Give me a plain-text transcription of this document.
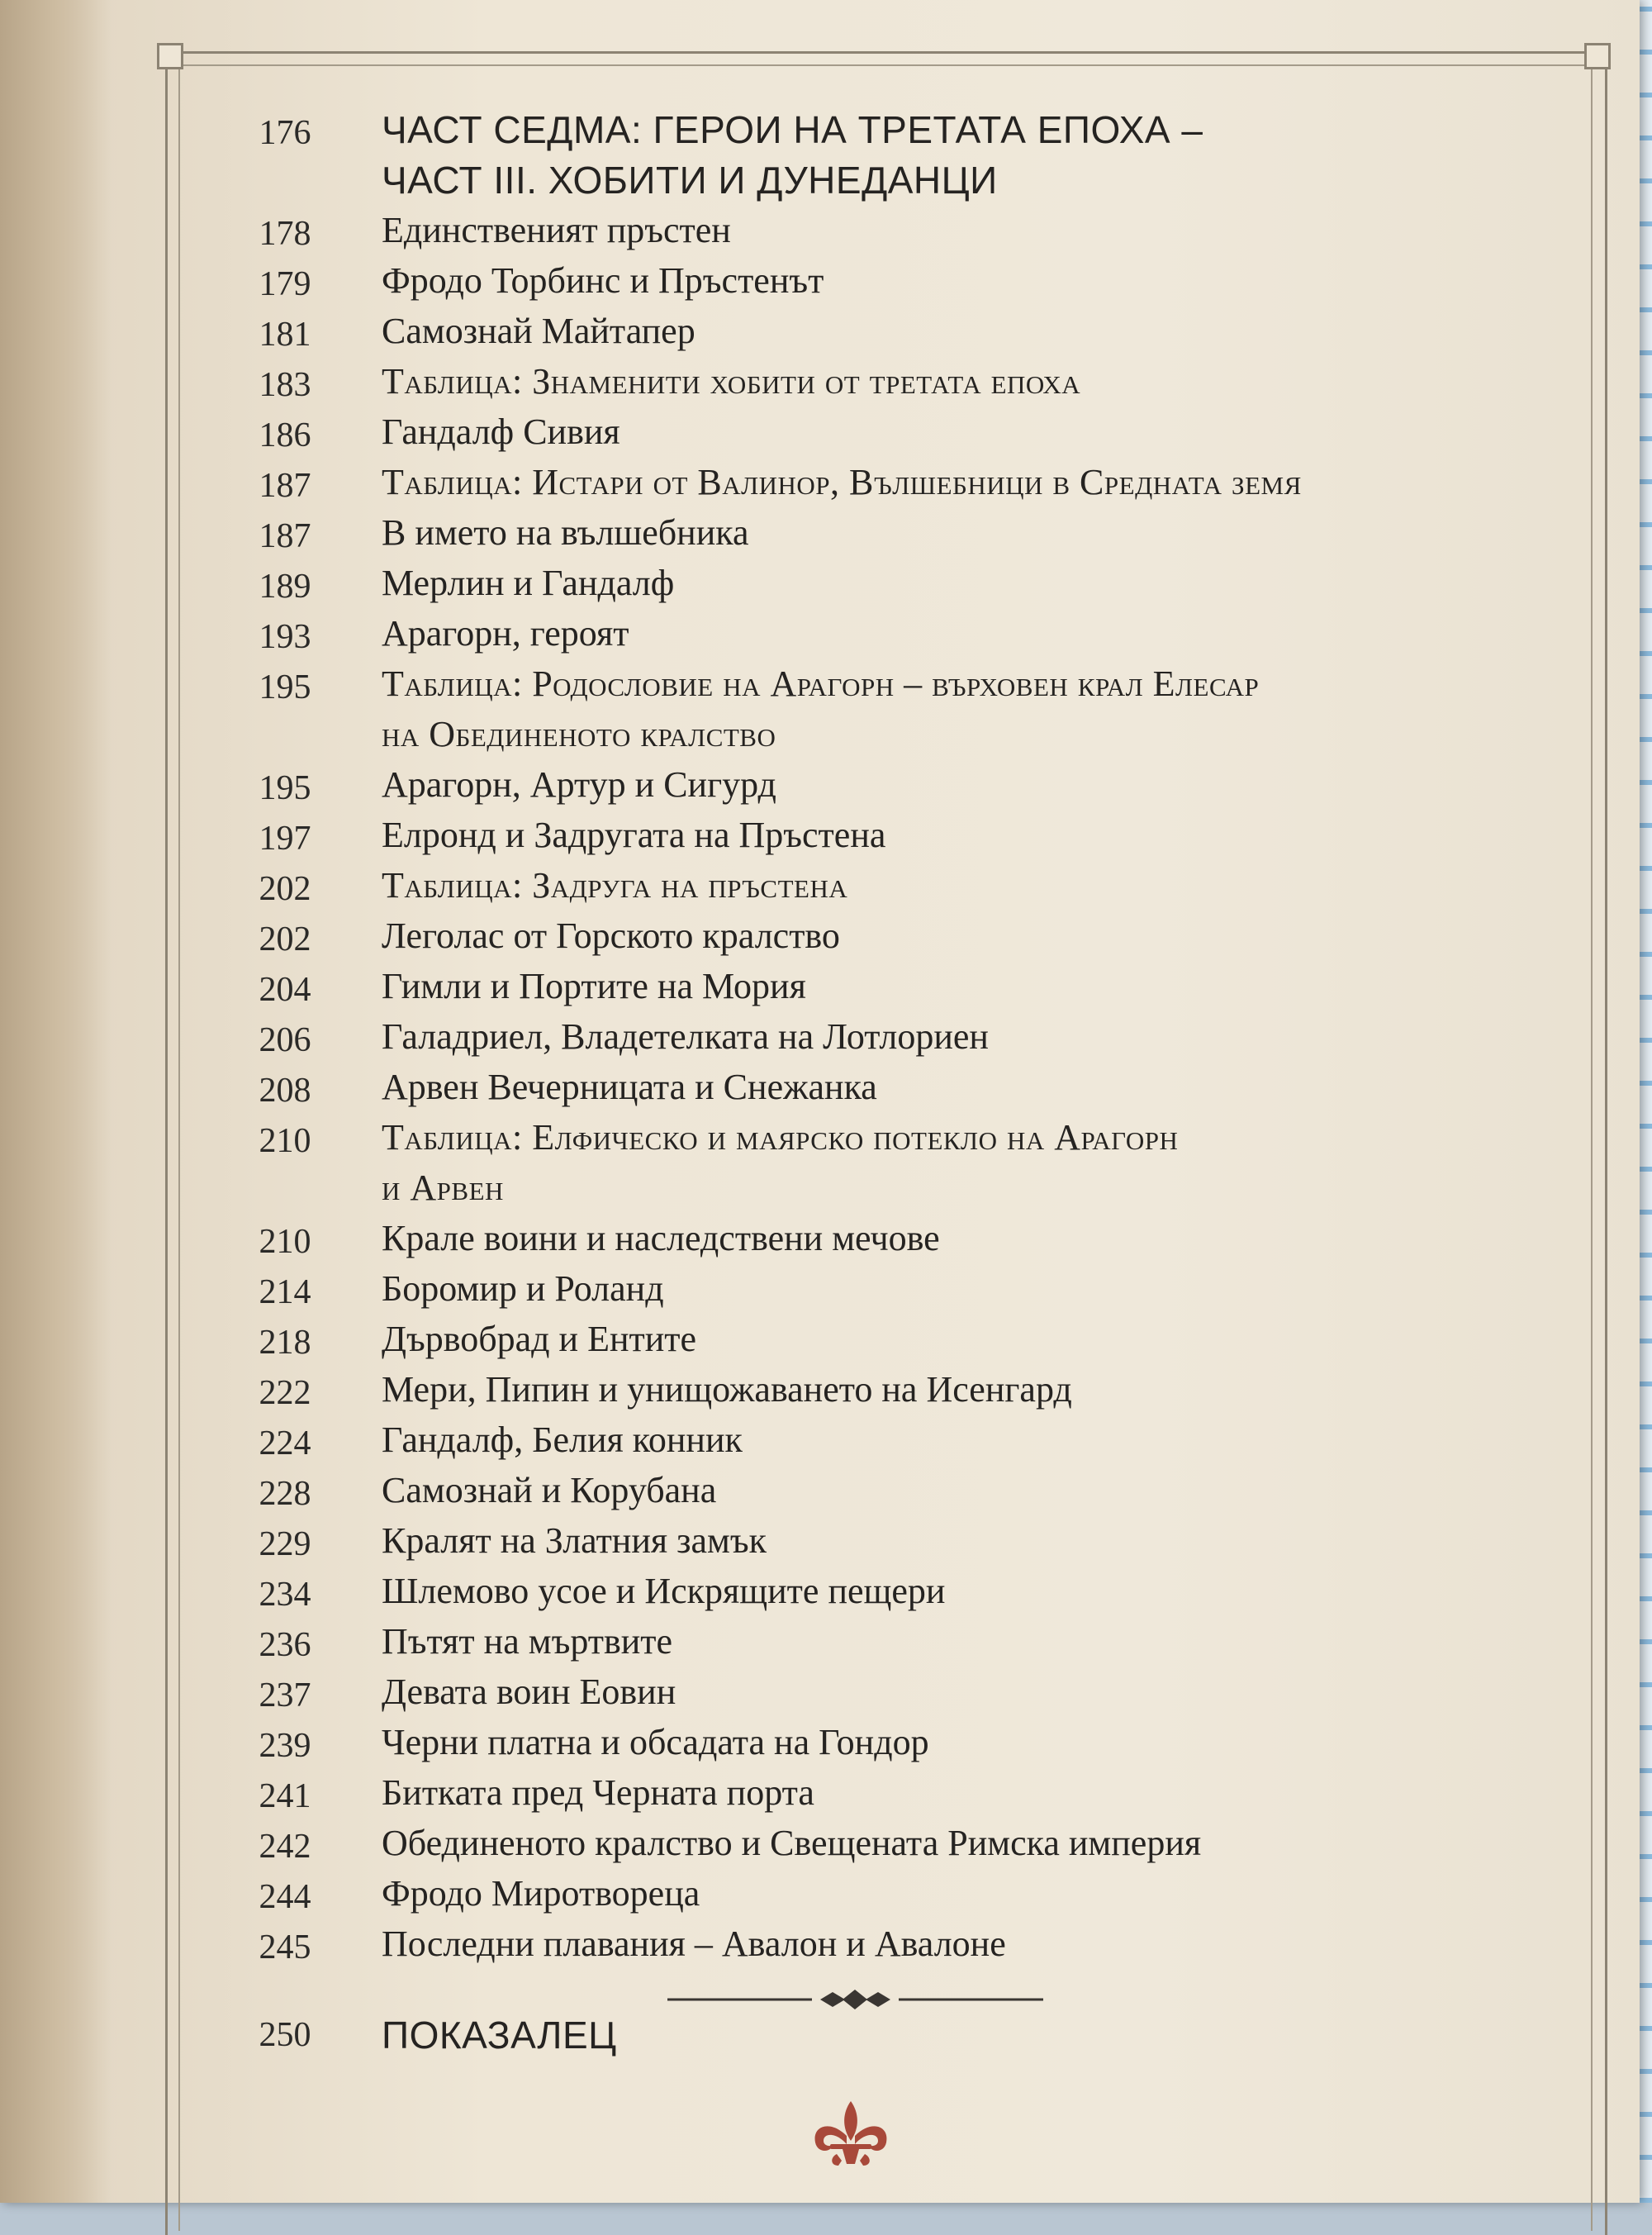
176	ЧАСТ СЕДМА: ГЕРОИ НА ТРЕТАТА ЕПОХА –
ЧАСТ III. ХОБИТИ И ДУНЕДАНЦИ
178	Единственият пръстен
179	Фродо Торбинс и Пръстенът
181	Самознай Майтапер
183	Таблица: Знаменити хобити от третата епоха
186	Гандалф Сивия
187	Таблица: Истари от Валинор, Вълшебници в Средната земя
187	В името на вълшебника
189	Мерлин и Гандалф
193	Арагорн, героят
195	Таблица: Родословие на Арагорн – върховен крал Елесар
на Обединеното кралство
195	Арагорн, Артур и Сигурд
197	Елронд и Задругата на Пръстена
202	Таблица: Задруга на пръстена
202	Леголас от Горското кралство
204	Гимли и Портите на Мория
206	Галадриел, Владетелката на Лотлориен
208	Арвен Вечерницата и Снежанка
210	Таблица: Елфическо и маярско потекло на Арагорн
и Арвен
210	Крале воини и наследствени мечове
214	Боромир и Роланд
218	Дървобрад и Ентите
222	Мери, Пипин и унищожаването на Исенгард
224	Гандалф, Белия конник
228	Самознай и Корубана
229	Кралят на Златния замък
234	Шлемово усое и Искрящите пещери
236	Пътят на мъртвите
237	Девата воин Еовин
239	Черни платна и обсадата на Гондор
241	Битката пред Черната порта
242	Обединеното кралство и Свещената Римска империя
244	Фродо Миротвореца
245	Последни плавания – Авалон и Авалоне
250	ПОКАЗАЛЕЦ
